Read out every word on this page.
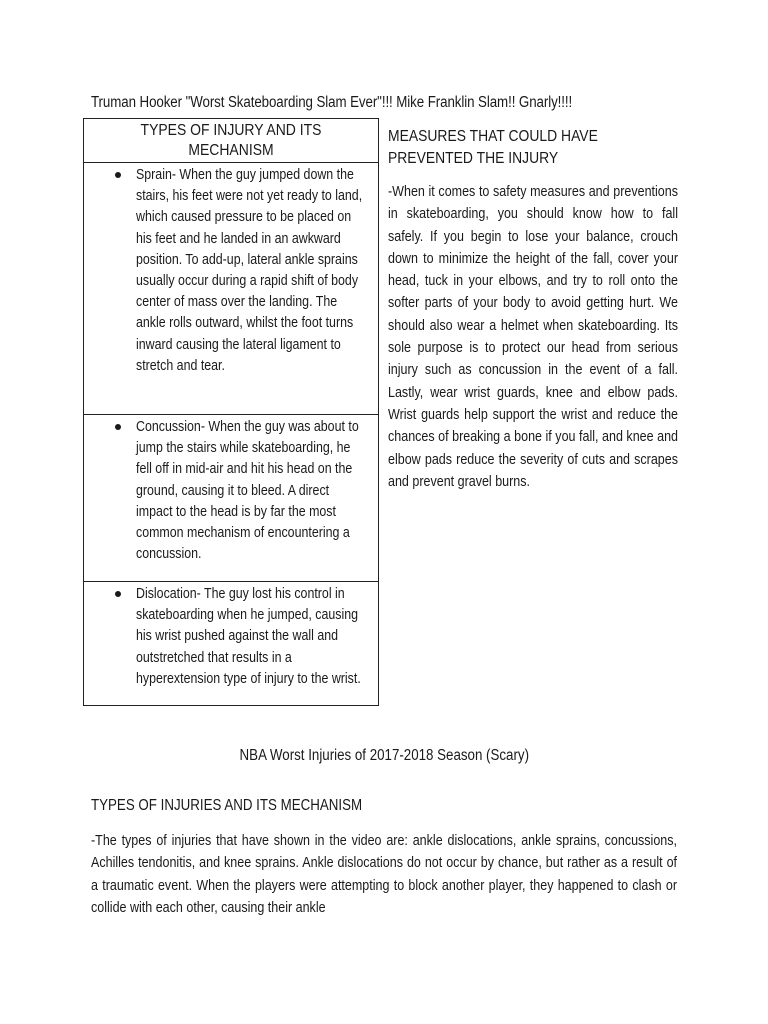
Truman Hooker "Worst Skateboarding Slam Ever"!!! Mike Franklin Slam!! Gnarly!!!!
TYPES OF INJURY AND ITS MECHANISM

Sprain- When the guy jumped down the stairs, his feet were not yet ready to land, which caused pressure to be placed on his feet and he landed in an awkward position. To add-up, lateral ankle sprains usually occur during a rapid shift of body center of mass over the landing. The ankle rolls outward, whilst the foot turns inward causing the lateral ligament to stretch and tear.

Concussion- When the guy was about to jump the stairs while skateboarding, he fell off in mid-air and hit his head on the ground, causing it to bleed. A direct impact to the head is by far the most common mechanism of encountering a concussion.

Dislocation- The guy lost his control in skateboarding when he jumped, causing his wrist pushed against the wall and outstretched that results in a hyperextension type of injury to the wrist.
MEASURES THAT COULD HAVE PREVENTED THE INJURY
-When it comes to safety measures and preventions in skateboarding, you should know how to fall safely. If you begin to lose your balance, crouch down to minimize the height of the fall, cover your head, tuck in your elbows, and try to roll onto the softer parts of your body to avoid getting hurt. We should also wear a helmet when skateboarding. Its sole purpose is to protect our head from serious injury such as concussion in the event of a fall. Lastly, wear wrist guards, knee and elbow pads. Wrist guards help support the wrist and reduce the chances of breaking a bone if you fall, and knee and elbow pads reduce the severity of cuts and scrapes and prevent gravel burns.
NBA Worst Injuries of 2017-2018 Season (Scary)
TYPES OF INJURIES AND ITS MECHANISM
-The types of injuries that have shown in the video are: ankle dislocations, ankle sprains, concussions, Achilles tendonitis, and knee sprains. Ankle dislocations do not occur by chance, but rather as a result of a traumatic event. When the players were attempting to block another player, they happened to clash or collide with each other, causing their ankle
